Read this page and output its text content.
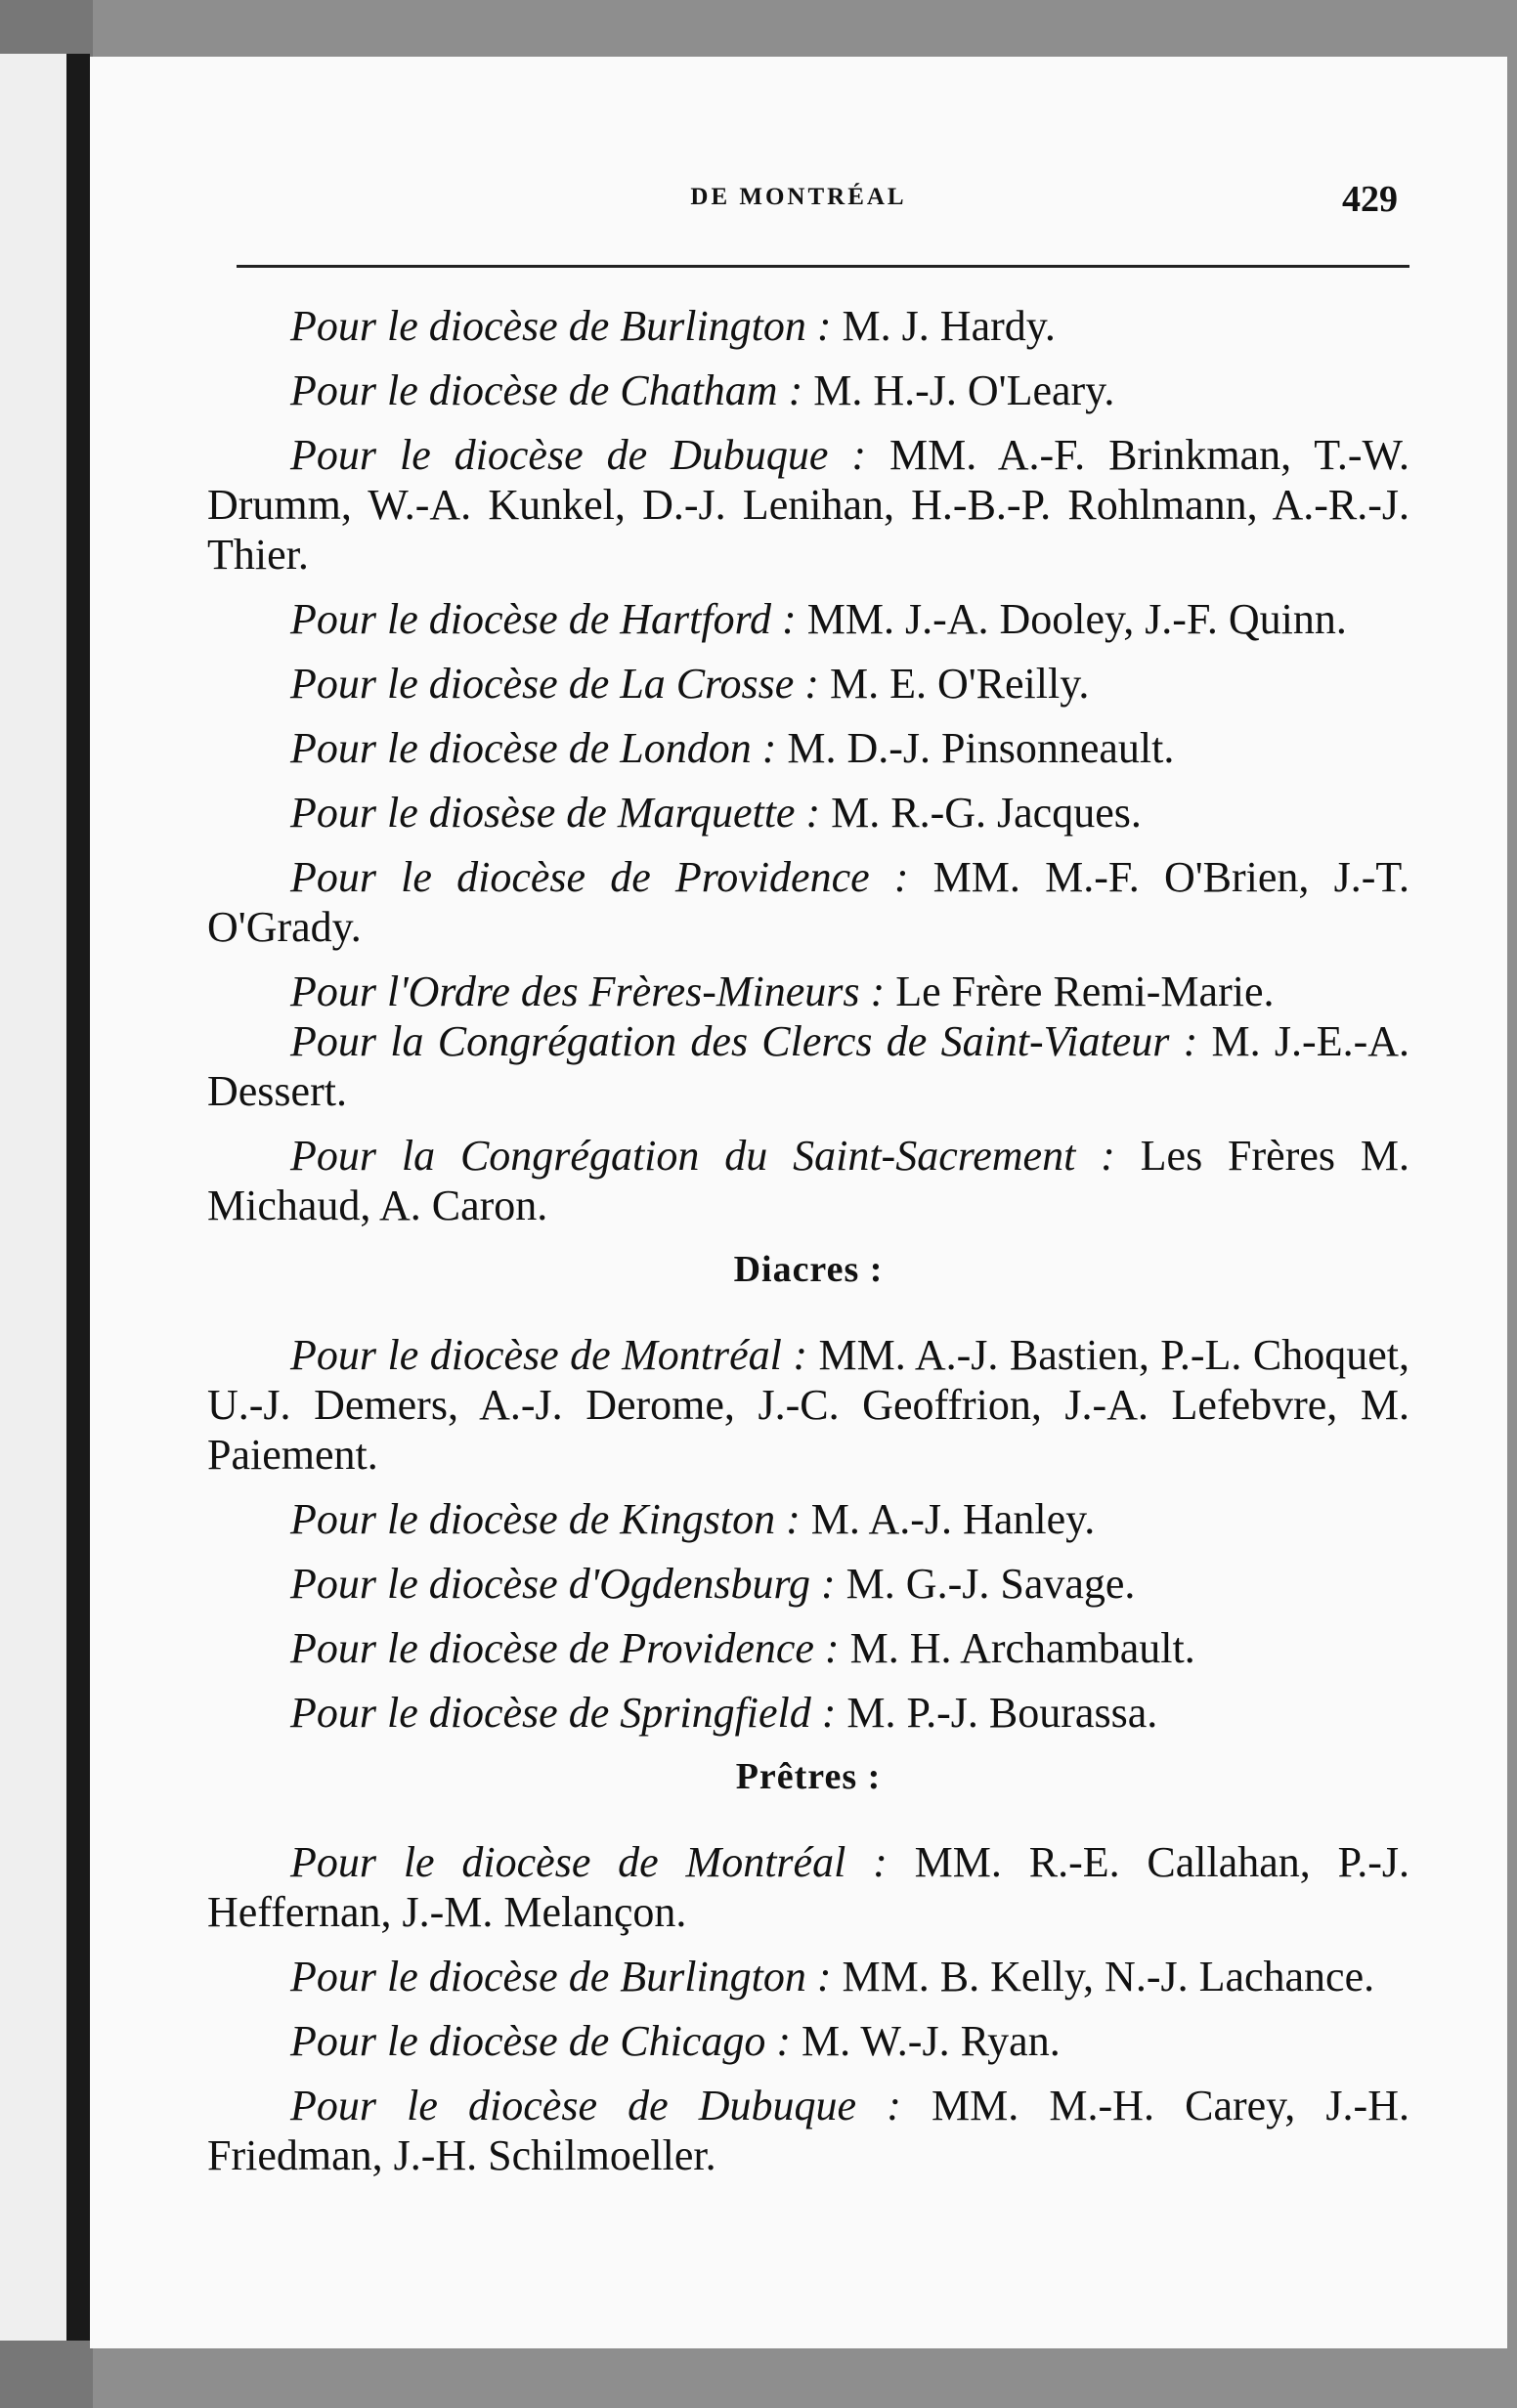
DE MONTRÉAL	429

Pour le diocèse de Burlington : M. J. Hardy.

Pour le diocèse de Chatham : M. H.-J. O'Leary.

Pour le diocèse de Dubuque : MM. A.-F. Brinkman, T.-W. Drumm, W.-A. Kunkel, D.-J. Lenihan, H.-B.-P. Rohlmann, A.-R.-J. Thier.

Pour le diocèse de Hartford : MM. J.-A. Dooley, J.-F. Quinn.

Pour le diocèse de La Crosse : M. E. O'Reilly.

Pour le diocèse de London : M. D.-J. Pinsonneault.

Pour le diosèse de Marquette : M. R.-G. Jacques.

Pour le diocèse de Providence : MM. M.-F. O'Brien, J.-T. O'Grady.

Pour l'Ordre des Frères-Mineurs : Le Frère Remi-Marie.

Pour la Congrégation des Clercs de Saint-Viateur : M. J.-E.-A. Dessert.

Pour la Congrégation du Saint-Sacrement : Les Frères M. Michaud, A. Caron.

Diacres :

Pour le diocèse de Montréal : MM. A.-J. Bastien, P.-L. Choquet, U.-J. Demers, A.-J. Derome, J.-C. Geoffrion, J.-A. Lefebvre, M. Paiement.

Pour le diocèse de Kingston : M. A.-J. Hanley.

Pour le diocèse d'Ogdensburg : M. G.-J. Savage.

Pour le diocèse de Providence : M. H. Archambault.

Pour le diocèse de Springfield : M. P.-J. Bourassa.

Prêtres :

Pour le diocèse de Montréal : MM. R.-E. Callahan, P.-J. Heffernan, J.-M. Melançon.

Pour le diocèse de Burlington : MM. B. Kelly, N.-J. Lachance.

Pour le diocèse de Chicago : M. W.-J. Ryan.

Pour le diocèse de Dubuque : MM. M.-H. Carey, J.-H. Friedman, J.-H. Schilmoeller.
